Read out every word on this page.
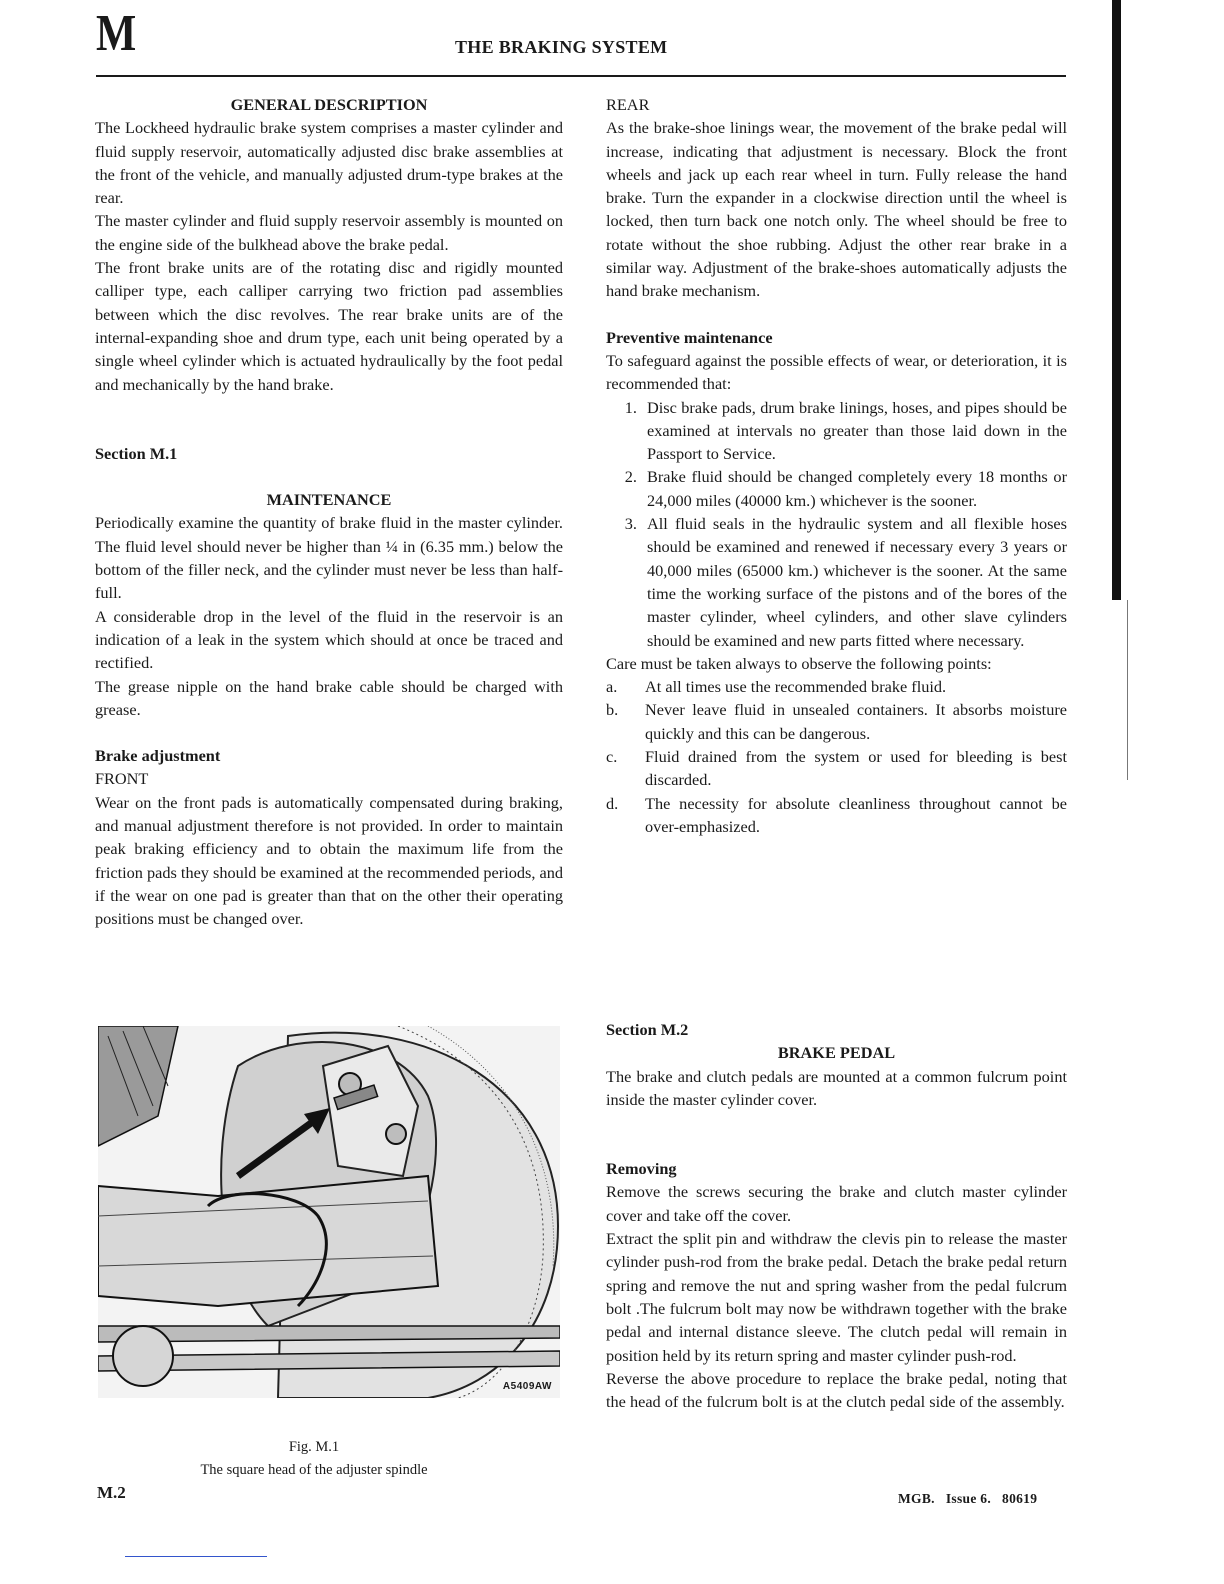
M	THE BRAKING SYSTEM
GENERAL DESCRIPTION

The Lockheed hydraulic brake system comprises a master cylinder and fluid supply reservoir, automatically adjusted disc brake assemblies at the front of the vehicle, and manually adjusted drum-type brakes at the rear.

The master cylinder and fluid supply reservoir assembly is mounted on the engine side of the bulkhead above the brake pedal.

The front brake units are of the rotating disc and rigidly mounted calliper type, each calliper carrying two friction pad assemblies between which the disc revolves. The rear brake units are of the internal-expanding shoe and drum type, each unit being operated by a single wheel cylinder which is actuated hydraulically by the foot pedal and mechanically by the hand brake.

Section M.1
MAINTENANCE

Periodically examine the quantity of brake fluid in the master cylinder. The fluid level should never be higher than ¼ in (6.35 mm.) below the bottom of the filler neck, and the cylinder must never be less than half-full.

A considerable drop in the level of the fluid in the reservoir is an indication of a leak in the system which should at once be traced and rectified.

The grease nipple on the hand brake cable should be charged with grease.

Brake adjustment
FRONT

Wear on the front pads is automatically compensated during braking, and manual adjustment therefore is not provided. In order to maintain peak braking efficiency and to obtain the maximum life from the friction pads they should be examined at the recommended periods, and if the wear on one pad is greater than that on the other their operating positions must be changed over.

A5409AW
Fig. M.1
The square head of the adjuster spindle
REAR

As the brake-shoe linings wear, the movement of the brake pedal will increase, indicating that adjustment is necessary. Block the front wheels and jack up each rear wheel in turn. Fully release the hand brake. Turn the expander in a clockwise direction until the wheel is locked, then turn back one notch only. The wheel should be free to rotate without the shoe rubbing. Adjust the other rear brake in a similar way. Adjustment of the brake-shoes automatically adjusts the hand brake mechanism.

Preventive maintenance

To safeguard against the possible effects of wear, or deterioration, it is recommended that:

1. Disc brake pads, drum brake linings, hoses, and pipes should be examined at intervals no greater than those laid down in the Passport to Service.
2. Brake fluid should be changed completely every 18 months or 24,000 miles (40000 km.) whichever is the sooner.
3. All fluid seals in the hydraulic system and all flexible hoses should be examined and renewed if necessary every 3 years or 40,000 miles (65000 km.) whichever is the sooner. At the same time the working surface of the pistons and of the bores of the master cylinder, wheel cylinders, and other slave cylinders should be examined and new parts fitted where necessary.

Care must be taken always to observe the following points:

a.	At all times use the recommended brake fluid.
b.	Never leave fluid in unsealed containers. It absorbs moisture quickly and this can be dangerous.
c.	Fluid drained from the system or used for bleeding is best discarded.
d.	The necessity for absolute cleanliness throughout cannot be over-emphasized.
Section M.2
BRAKE PEDAL

The brake and clutch pedals are mounted at a common fulcrum point inside the master cylinder cover.

Removing

Remove the screws securing the brake and clutch master cylinder cover and take off the cover.

Extract the split pin and withdraw the clevis pin to release the master cylinder push-rod from the brake pedal. Detach the brake pedal return spring and remove the nut and spring washer from the pedal fulcrum bolt .The fulcrum bolt may now be withdrawn together with the brake pedal and internal distance sleeve. The clutch pedal will remain in position held by its return spring and master cylinder push-rod.

Reverse the above procedure to replace the brake pedal, noting that the head of the fulcrum bolt is at the clutch pedal side of the assembly.

M.2	MGB.   Issue 6.   80619
